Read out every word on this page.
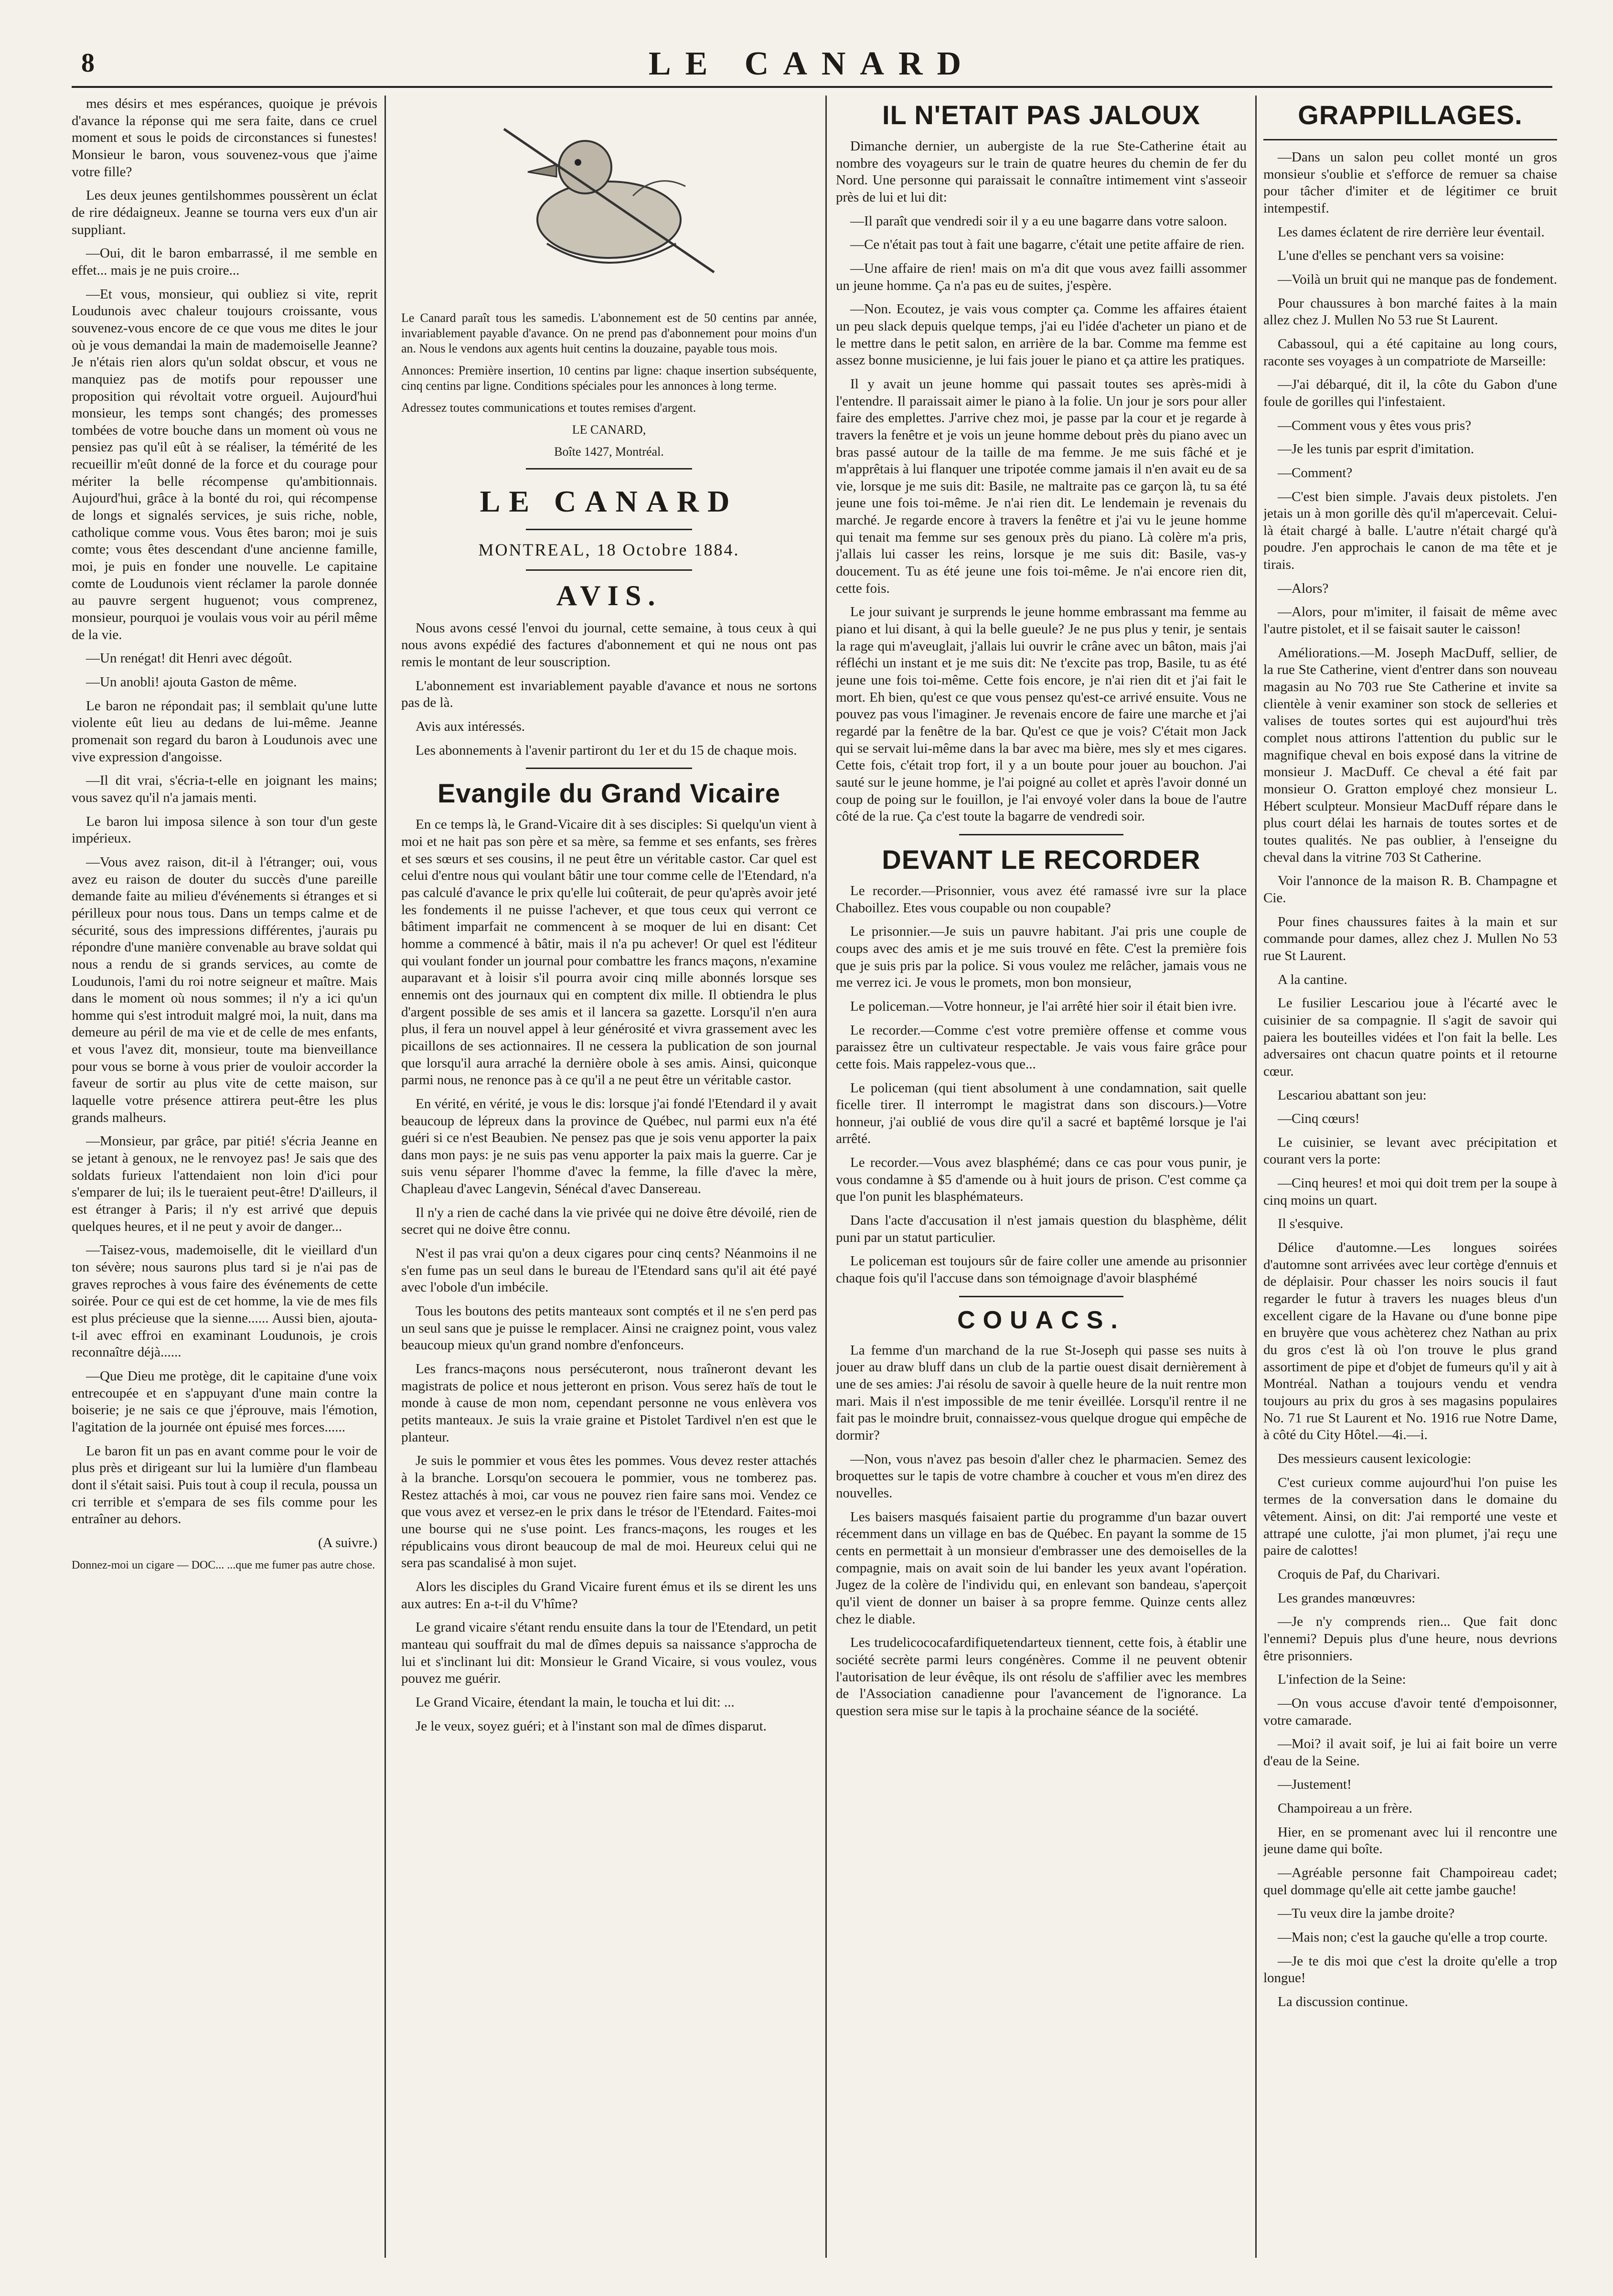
8	LE CANARD

mes désirs et mes espérances, quoique je prévois d'avance la réponse qui me sera faite, dans ce cruel moment et sous le poids de circonstances si funestes! Monsieur le baron, vous souvenez-vous que j'aime votre fille?

Les deux jeunes gentilshommes poussèrent un éclat de rire dédaigneux. Jeanne se tourna vers eux d'un air suppliant.

—Oui, dit le baron embarrassé, il me semble en effet... mais je ne puis croire...

—Et vous, monsieur, qui oubliez si vite, reprit Loudunois avec chaleur toujours croissante, vous souvenez-vous encore de ce que vous me dites le jour où je vous demandai la main de mademoiselle Jeanne? Je n'étais rien alors qu'un soldat obscur, et vous ne manquiez pas de motifs pour repousser une proposition qui révoltait votre orgueil. Aujourd'hui monsieur, les temps sont changés; des promesses tombées de votre bouche dans un moment où vous ne pensiez pas qu'il eût à se réaliser, la témérité de les recueillir m'eût donné de la force et du courage pour mériter la belle récompense qu'ambitionnais. Aujourd'hui, grâce à la bonté du roi, qui récompense de longs et signalés services, je suis riche, noble, catholique comme vous. Vous êtes baron; moi je suis comte; vous êtes descendant d'une ancienne famille, moi, je puis en fonder une nouvelle. Le capitaine comte de Loudunois vient réclamer la parole donnée au pauvre sergent huguenot; vous comprenez, monsieur, pourquoi je voulais vous voir au péril même de la vie.

—Un renégat! dit Henri avec dégoût.

—Un anobli! ajouta Gaston de même.

Le baron ne répondait pas; il semblait qu'une lutte violente eût lieu au dedans de lui-même. Jeanne promenait son regard du baron à Loudunois avec une vive expression d'angoisse.

—Il dit vrai, s'écria-t-elle en joignant les mains; vous savez qu'il n'a jamais menti.

Le baron lui imposa silence à son tour d'un geste impérieux.

—Vous avez raison, dit-il à l'étranger; oui, vous avez eu raison de douter du succès d'une pareille demande faite au milieu d'événements si étranges et si périlleux pour nous tous. Dans un temps calme et de sécurité, sous des impressions différentes, j'aurais pu répondre d'une manière convenable au brave soldat qui nous a rendu de si grands services, au comte de Loudunois, l'ami du roi notre seigneur et maître. Mais dans le moment où nous sommes; il n'y a ici qu'un homme qui s'est introduit malgré moi, la nuit, dans ma demeure au péril de ma vie et de celle de mes enfants, et vous l'avez dit, monsieur, toute ma bienveillance pour vous se borne à vous prier de vouloir accorder la faveur de sortir au plus vite de cette maison, sur laquelle votre présence attirera peut-être les plus grands malheurs.

—Monsieur, par grâce, par pitié! s'écria Jeanne en se jetant à genoux, ne le renvoyez pas! Je sais que des soldats furieux l'attendaient non loin d'ici pour s'emparer de lui; ils le tueraient peut-être! D'ailleurs, il est étranger à Paris; il n'y est arrivé que depuis quelques heures, et il ne peut y avoir de danger...

—Taisez-vous, mademoiselle, dit le vieillard d'un ton sévère; nous saurons plus tard si je n'ai pas de graves reproches à vous faire des événements de cette soirée. Pour ce qui est de cet homme, la vie de mes fils est plus précieuse que la sienne...... Aussi bien, ajouta-t-il avec effroi en examinant Loudunois, je crois reconnaître déjà......

—Que Dieu me protège, dit le capitaine d'une voix entrecoupée et en s'appuyant d'une main contre la boiserie; je ne sais ce que j'éprouve, mais l'émotion, l'agitation de la journée ont épuisé mes forces......

Le baron fit un pas en avant comme pour le voir de plus près et dirigeant sur lui la lumière d'un flambeau dont il s'était saisi. Puis tout à coup il recula, poussa un cri terrible et s'empara de ses fils comme pour les entraîner au dehors.

(A suivre.)

Donnez-moi un cigare — DOC... ...que me fumer pas autre chose.

Le Canard paraît tous les samedis. L'abonnement est de 50 centins par année, invariablement payable d'avance. On ne prend pas d'abonnement pour moins d'un an. Nous le vendons aux agents huit centins la douzaine, payable tous mois.

Annonces: Première insertion, 10 centins par ligne: chaque insertion subséquente, cinq centins par ligne. Conditions spéciales pour les annonces à long terme.

Adressez toutes communications et toutes remises d'argent.

LE CANARD,

Boîte 1427, Montréal.

LE CANARD
MONTREAL, 18 Octobre 1884.
AVIS.

Nous avons cessé l'envoi du journal, cette semaine, à tous ceux à qui nous avons expédié des factures d'abonnement et qui ne nous ont pas remis le montant de leur souscription.

L'abonnement est invariablement payable d'avance et nous ne sortons pas de là.

Avis aux intéressés.

Les abonnements à l'avenir partiront du 1er et du 15 de chaque mois.

Evangile du Grand Vicaire

En ce temps là, le Grand-Vicaire dit à ses disciples: Si quelqu'un vient à moi et ne hait pas son père et sa mère, sa femme et ses enfants, ses frères et ses sœurs et ses cousins, il ne peut être un véritable castor. Car quel est celui d'entre nous qui voulant bâtir une tour comme celle de l'Etendard, n'a pas calculé d'avance le prix qu'elle lui coûterait, de peur qu'après avoir jeté les fondements il ne puisse l'achever, et que tous ceux qui verront ce bâtiment imparfait ne commencent à se moquer de lui en disant: Cet homme a commencé à bâtir, mais il n'a pu achever! Or quel est l'éditeur qui voulant fonder un journal pour combattre les francs maçons, n'examine auparavant et à loisir s'il pourra avoir cinq mille abonnés lorsque ses ennemis ont des journaux qui en comptent dix mille. Il obtiendra le plus d'argent possible de ses amis et il lancera sa gazette. Lorsqu'il n'en aura plus, il fera un nouvel appel à leur générosité et vivra grassement avec les picaillons de ses actionnaires. Il ne cessera la publication de son journal que lorsqu'il aura arraché la dernière obole à ses amis. Ainsi, quiconque parmi nous, ne renonce pas à ce qu'il a ne peut être un véritable castor.

En vérité, en vérité, je vous le dis: lorsque j'ai fondé l'Etendard il y avait beaucoup de lépreux dans la province de Québec, nul parmi eux n'a été guéri si ce n'est Beaubien. Ne pensez pas que je sois venu apporter la paix dans mon pays: je ne suis pas venu apporter la paix mais la guerre. Car je suis venu séparer l'homme d'avec la femme, la fille d'avec la mère, Chapleau d'avec Langevin, Sénécal d'avec Dansereau.

Il n'y a rien de caché dans la vie privée qui ne doive être dévoilé, rien de secret qui ne doive être connu.

N'est il pas vrai qu'on a deux cigares pour cinq cents? Néanmoins il ne s'en fume pas un seul dans le bureau de l'Etendard sans qu'il ait été payé avec l'obole d'un imbécile.

Tous les boutons des petits manteaux sont comptés et il ne s'en perd pas un seul sans que je puisse le remplacer. Ainsi ne craignez point, vous valez beaucoup mieux qu'un grand nombre d'enfonceurs.

Les francs-maçons nous persécuteront, nous traîneront devant les magistrats de police et nous jetteront en prison. Vous serez haïs de tout le monde à cause de mon nom, cependant personne ne vous enlèvera vos petits manteaux. Je suis la vraie graine et Pistolet Tardivel n'en est que le planteur.

Je suis le pommier et vous êtes les pommes. Vous devez rester attachés à la branche. Lorsqu'on secouera le pommier, vous ne tomberez pas. Restez attachés à moi, car vous ne pouvez rien faire sans moi. Vendez ce que vous avez et versez-en le prix dans le trésor de l'Etendard. Faites-moi une bourse qui ne s'use point. Les francs-maçons, les rouges et les républicains vous diront beaucoup de mal de moi. Heureux celui qui ne sera pas scandalisé à mon sujet.

Alors les disciples du Grand Vicaire furent émus et ils se dirent les uns aux autres: En a-t-il du V'hîme?

Le grand vicaire s'étant rendu ensuite dans la tour de l'Etendard, un petit manteau qui souffrait du mal de dîmes depuis sa naissance s'approcha de lui et s'inclinant lui dit: Monsieur le Grand Vicaire, si vous voulez, vous pouvez me guérir.

Le Grand Vicaire, étendant la main, le toucha et lui dit: ...

Je le veux, soyez guéri; et à l'instant son mal de dîmes disparut.

IL N'ETAIT PAS JALOUX

Dimanche dernier, un aubergiste de la rue Ste-Catherine était au nombre des voyageurs sur le train de quatre heures du chemin de fer du Nord. Une personne qui paraissait le connaître intimement vint s'asseoir près de lui et lui dit:

—Il paraît que vendredi soir il y a eu une bagarre dans votre saloon.

—Ce n'était pas tout à fait une bagarre, c'était une petite affaire de rien.

—Une affaire de rien! mais on m'a dit que vous avez failli assommer un jeune homme. Ça n'a pas eu de suites, j'espère.

—Non. Ecoutez, je vais vous compter ça. Comme les affaires étaient un peu slack depuis quelque temps, j'ai eu l'idée d'acheter un piano et de le mettre dans le petit salon, en arrière de la bar. Comme ma femme est assez bonne musicienne, je lui fais jouer le piano et ça attire les pratiques.

Il y avait un jeune homme qui passait toutes ses après-midi à l'entendre. Il paraissait aimer le piano à la folie. Un jour je sors pour aller faire des emplettes. J'arrive chez moi, je passe par la cour et je regarde à travers la fenêtre et je vois un jeune homme debout près du piano avec un bras passé autour de la taille de ma femme. Je me suis fâché et je m'apprêtais à lui flanquer une tripotée comme jamais il n'en avait eu de sa vie, lorsque je me suis dit: Basile, ne maltraite pas ce garçon là, tu sa été jeune une fois toi-même. Je n'ai rien dit. Le lendemain je revenais du marché. Je regarde encore à travers la fenêtre et j'ai vu le jeune homme qui tenait ma femme sur ses genoux près du piano. Là colère m'a pris, j'allais lui casser les reins, lorsque je me suis dit: Basile, vas-y doucement. Tu as été jeune une fois toi-même. Je n'ai encore rien dit, cette fois.

Le jour suivant je surprends le jeune homme embrassant ma femme au piano et lui disant, à qui la belle gueule? Je ne pus plus y tenir, je sentais la rage qui m'aveuglait, j'allais lui ouvrir le crâne avec un bâton, mais j'ai réfléchi un instant et je me suis dit: Ne t'excite pas trop, Basile, tu as été jeune une fois toi-même. Cette fois encore, je n'ai rien dit et j'ai fait le mort. Eh bien, qu'est ce que vous pensez qu'est-ce arrivé ensuite. Vous ne pouvez pas vous l'imaginer. Je revenais encore de faire une marche et j'ai regardé par la fenêtre de la bar. Qu'est ce que je vois? C'était mon Jack qui se servait lui-même dans la bar avec ma bière, mes sly et mes cigares. Cette fois, c'était trop fort, il y a un boute pour jouer au bouchon. J'ai sauté sur le jeune homme, je l'ai poigné au collet et après l'avoir donné un coup de poing sur le fouillon, je l'ai envoyé voler dans la boue de l'autre côté de la rue. Ça c'est toute la bagarre de vendredi soir.

DEVANT LE RECORDER

Le recorder.—Prisonnier, vous avez été ramassé ivre sur la place Chaboillez. Etes vous coupable ou non coupable?

Le prisonnier.—Je suis un pauvre habitant. J'ai pris une couple de coups avec des amis et je me suis trouvé en fête. C'est la première fois que je suis pris par la police. Si vous voulez me relâcher, jamais vous ne me verrez ici. Je vous le promets, mon bon monsieur,

Le policeman.—Votre honneur, je l'ai arrêté hier soir il était bien ivre.

Le recorder.—Comme c'est votre première offense et comme vous paraissez être un cultivateur respectable. Je vais vous faire grâce pour cette fois. Mais rappelez-vous que...

Le policeman (qui tient absolument à une condamnation, sait quelle ficelle tirer. Il interrompt le magistrat dans son discours.)—Votre honneur, j'ai oublié de vous dire qu'il a sacré et baptêmé lorsque je l'ai arrêté.

Le recorder.—Vous avez blasphémé; dans ce cas pour vous punir, je vous condamne à $5 d'amende ou à huit jours de prison. C'est comme ça que l'on punit les blasphémateurs.

Dans l'acte d'accusation il n'est jamais question du blasphème, délit puni par un statut particulier.

Le policeman est toujours sûr de faire coller une amende au prisonnier chaque fois qu'il l'accuse dans son témoignage d'avoir blasphémé

COUACS.

La femme d'un marchand de la rue St-Joseph qui passe ses nuits à jouer au draw bluff dans un club de la partie ouest disait dernièrement à une de ses amies: J'ai résolu de savoir à quelle heure de la nuit rentre mon mari. Mais il n'est impossible de me tenir éveillée. Lorsqu'il rentre il ne fait pas le moindre bruit, connaissez-vous quelque drogue qui empêche de dormir?

—Non, vous n'avez pas besoin d'aller chez le pharmacien. Semez des broquettes sur le tapis de votre chambre à coucher et vous m'en direz des nouvelles.

Les baisers masqués faisaient partie du programme d'un bazar ouvert récemment dans un village en bas de Québec. En payant la somme de 15 cents en permettait à un monsieur d'embrasser une des demoiselles de la compagnie, mais on avait soin de lui bander les yeux avant l'opération. Jugez de la colère de l'individu qui, en enlevant son bandeau, s'aperçoit qu'il vient de donner un baiser à sa propre femme. Quinze cents allez chez le diable.

Les trudelicococafardifiquetendarteux tiennent, cette fois, à établir une société secrète parmi leurs congénères. Comme il ne peuvent obtenir l'autorisation de leur évêque, ils ont résolu de s'affilier avec les membres de l'Association canadienne pour l'avancement de l'ignorance. La question sera mise sur le tapis à la prochaine séance de la société.

GRAPPILLAGES.

—Dans un salon peu collet monté un gros monsieur s'oublie et s'efforce de remuer sa chaise pour tâcher d'imiter et de légitimer ce bruit intempestif.

Les dames éclatent de rire derrière leur éventail.

L'une d'elles se penchant vers sa voisine:

—Voilà un bruit qui ne manque pas de fondement.

Pour chaussures à bon marché faites à la main allez chez J. Mullen No 53 rue St Laurent.

Cabassoul, qui a été capitaine au long cours, raconte ses voyages à un compatriote de Marseille:

—J'ai débarqué, dit il, la côte du Gabon d'une foule de gorilles qui l'infestaient.

—Comment vous y êtes vous pris?

—Je les tunis par esprit d'imitation.

—Comment?

—C'est bien simple. J'avais deux pistolets. J'en jetais un à mon gorille dès qu'il m'apercevait. Celui-là était chargé à balle. L'autre n'était chargé qu'à poudre. J'en approchais le canon de ma tête et je tirais.

—Alors?

—Alors, pour m'imiter, il faisait de même avec l'autre pistolet, et il se faisait sauter le caisson!

Améliorations.—M. Joseph MacDuff, sellier, de la rue Ste Catherine, vient d'entrer dans son nouveau magasin au No 703 rue Ste Catherine et invite sa clientèle à venir examiner son stock de selleries et valises de toutes sortes qui est aujourd'hui très complet nous attirons l'attention du public sur le magnifique cheval en bois exposé dans la vitrine de monsieur J. MacDuff. Ce cheval a été fait par monsieur O. Gratton employé chez monsieur L. Hébert sculpteur. Monsieur MacDuff répare dans le plus court délai les harnais de toutes sortes et de toutes qualités. Ne pas oublier, à l'enseigne du cheval dans la vitrine 703 St Catherine.

Voir l'annonce de la maison R. B. Champagne et Cie.

Pour fines chaussures faites à la main et sur commande pour dames, allez chez J. Mullen No 53 rue St Laurent.

A la cantine.

Le fusilier Lescariou joue à l'écarté avec le cuisinier de sa compagnie. Il s'agit de savoir qui paiera les bouteilles vidées et l'on fait la belle. Les adversaires ont chacun quatre points et il retourne cœur.

Lescariou abattant son jeu:

—Cinq cœurs!

Le cuisinier, se levant avec précipitation et courant vers la porte:

—Cinq heures! et moi qui doit trem per la soupe à cinq moins un quart.

Il s'esquive.

Délice d'automne.—Les longues soirées d'automne sont arrivées avec leur cortège d'ennuis et de déplaisir. Pour chasser les noirs soucis il faut regarder le futur à travers les nuages bleus d'un excellent cigare de la Havane ou d'une bonne pipe en bruyère que vous achèterez chez Nathan au prix du gros c'est là où l'on trouve le plus grand assortiment de pipe et d'objet de fumeurs qu'il y ait à Montréal. Nathan a toujours vendu et vendra toujours au prix du gros à ses magasins populaires No. 71 rue St Laurent et No. 1916 rue Notre Dame, à côté du City Hôtel.—4i.—i.

Des messieurs causent lexicologie:

C'est curieux comme aujourd'hui l'on puise les termes de la conversation dans le domaine du vêtement. Ainsi, on dit: J'ai remporté une veste et attrapé une culotte, j'ai mon plumet, j'ai reçu une paire de calottes!

Croquis de Paf, du Charivari.

Les grandes manœuvres:

—Je n'y comprends rien... Que fait donc l'ennemi? Depuis plus d'une heure, nous devrions être prisonniers.

L'infection de la Seine:

—On vous accuse d'avoir tenté d'empoisonner, votre camarade.

—Moi? il avait soif, je lui ai fait boire un verre d'eau de la Seine.

—Justement!

Champoireau a un frère.

Hier, en se promenant avec lui il rencontre une jeune dame qui boîte.

—Agréable personne fait Champoireau cadet; quel dommage qu'elle ait cette jambe gauche!

—Tu veux dire la jambe droite?

—Mais non; c'est la gauche qu'elle a trop courte.

—Je te dis moi que c'est la droite qu'elle a trop longue!

La discussion continue.
